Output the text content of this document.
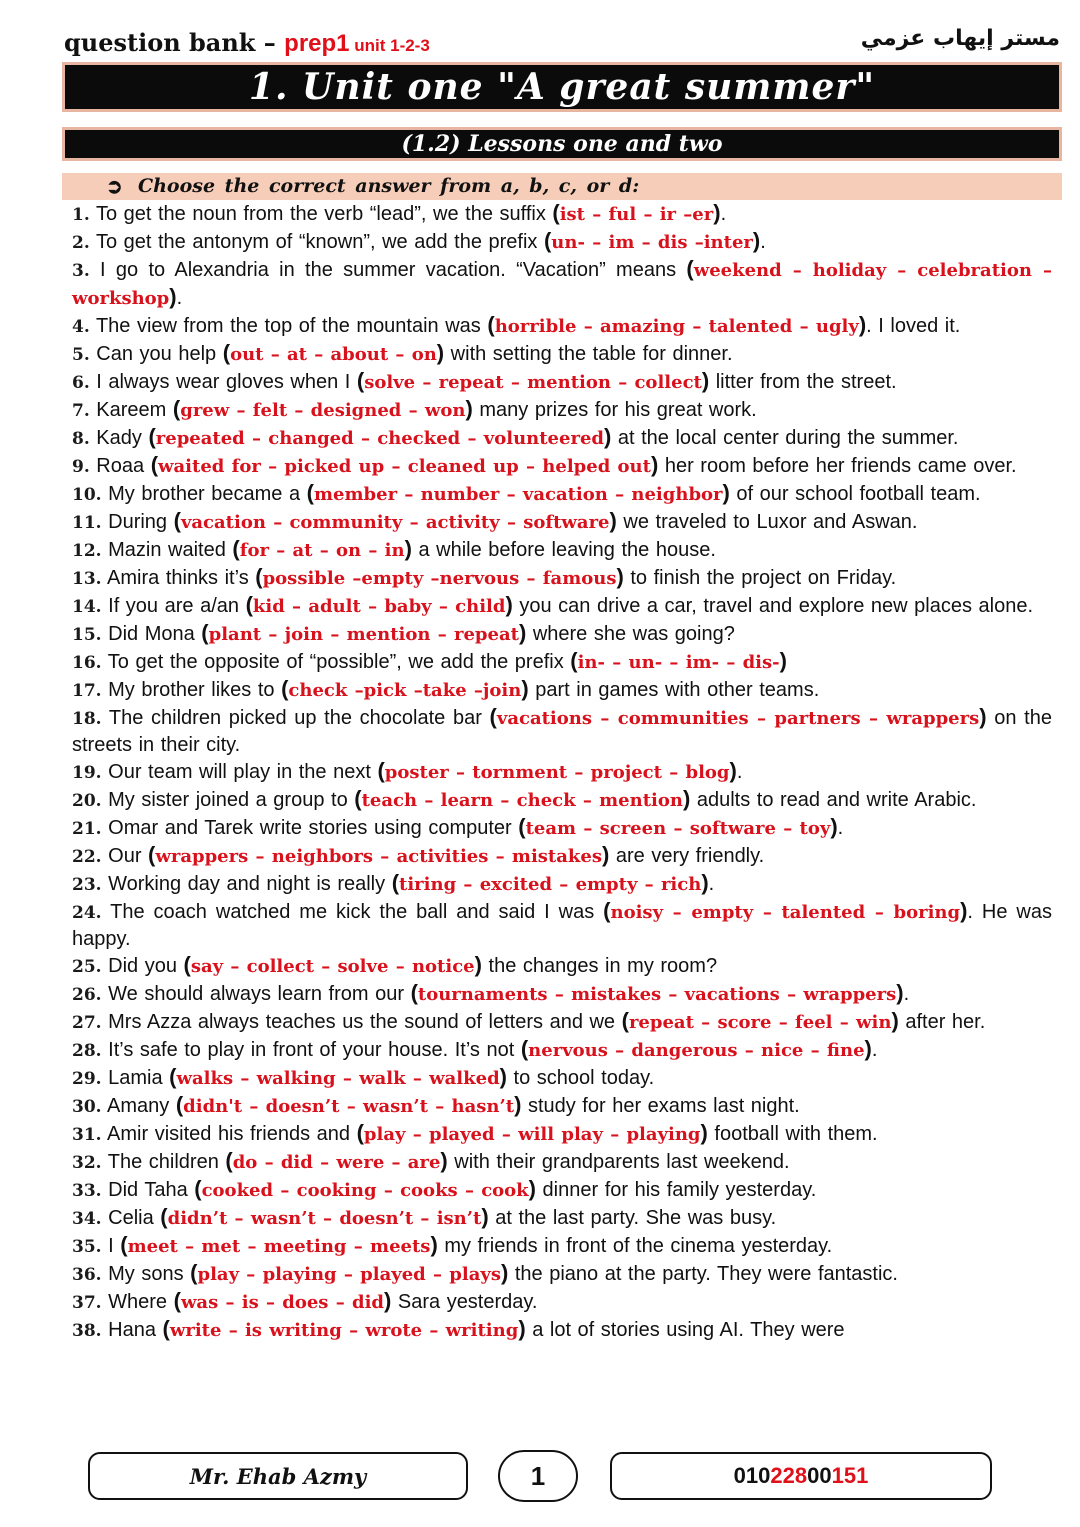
question bank – prep1 unit 1-2-3	مستر إيهاب عزمي
1. Unit one "A great summer"
(1.2) Lessons one and two
➲ Choose the correct answer from a, b, c, or d:

1. To get the noun from the verb “lead”, we the suffix ( ist – ful – ir –er ) .

2. To get the antonym of “known”, we add the prefix ( un- – im – dis –inter ) .

3. I go to Alexandria in the summer vacation. “Vacation” means ( weekend – holiday – celebration – workshop ) .

4. The view from the top of the mountain was ( horrible – amazing – talented – ugly ) . I loved it.

5. Can you help ( out – at – about – on ) with setting the table for dinner.

6. I always wear gloves when I ( solve – repeat – mention – collect ) litter from the street.

7. Kareem ( grew – felt – designed – won ) many prizes for his great work.

8. Kady ( repeated – changed – checked – volunteered ) at the local center during the summer.

9. Roaa ( waited for – picked up – cleaned up – helped out ) her room before her friends came over.

10. My brother became a ( member – number – vacation – neighbor ) of our school football team.

11. During ( vacation – community – activity – software ) we traveled to Luxor and Aswan.

12. Mazin waited ( for – at – on – in ) a while before leaving the house.

13. Amira thinks it’s ( possible –empty –nervous – famous ) to finish the project on Friday.

14. If you are a/an ( kid – adult – baby – child ) you can drive a car, travel and explore new places alone.

15. Did Mona ( plant – join – mention – repeat ) where she was going?

16. To get the opposite of “possible”, we add the prefix ( in- – un- – im- – dis- )

17. My brother likes to ( check –pick –take –join ) part in games with other teams.

18. The children picked up the chocolate bar ( vacations – communities – partners – wrappers ) on the streets in their city.

19. Our team will play in the next ( poster – tornment – project – blog ) .

20. My sister joined a group to ( teach – learn – check – mention ) adults to read and write Arabic.

21. Omar and Tarek write stories using computer ( team – screen – software – toy ) .

22. Our ( wrappers – neighbors – activities – mistakes ) are very friendly.

23. Working day and night is really ( tiring – excited – empty – rich ) .

24. The coach watched me kick the ball and said I was ( noisy – empty – talented – boring ) . He was happy.

25. Did you ( say – collect – solve – notice ) the changes in my room?

26. We should always learn from our ( tournaments – mistakes – vacations – wrappers ) .

27. Mrs Azza always teaches us the sound of letters and we ( repeat – score – feel – win ) after her.

28. It’s safe to play in front of your house. It’s not ( nervous – dangerous – nice – fine ) .

29. Lamia ( walks – walking – walk – walked ) to school today.

30. Amany ( didn't – doesn’t – wasn’t – hasn’t ) study for her exams last night.

31. Amir visited his friends and ( play – played – will play – playing ) football with them.

32. The children ( do – did – were – are ) with their grandparents last weekend.

33. Did Taha ( cooked – cooking – cooks – cook ) dinner for his family yesterday.

34. Celia ( didn’t – wasn’t – doesn’t – isn’t ) at the last party. She was busy.

35. I ( meet – met – meeting – meets ) my friends in front of the cinema yesterday.

36. My sons ( play – playing – played – plays ) the piano at the party. They were fantastic.

37. Where ( was – is – does – did ) Sara yesterday.

38. Hana ( write – is writing – wrote – writing ) a lot of stories using AI. They were

Mr. Ehab Azmy	1	010 228 00 151
